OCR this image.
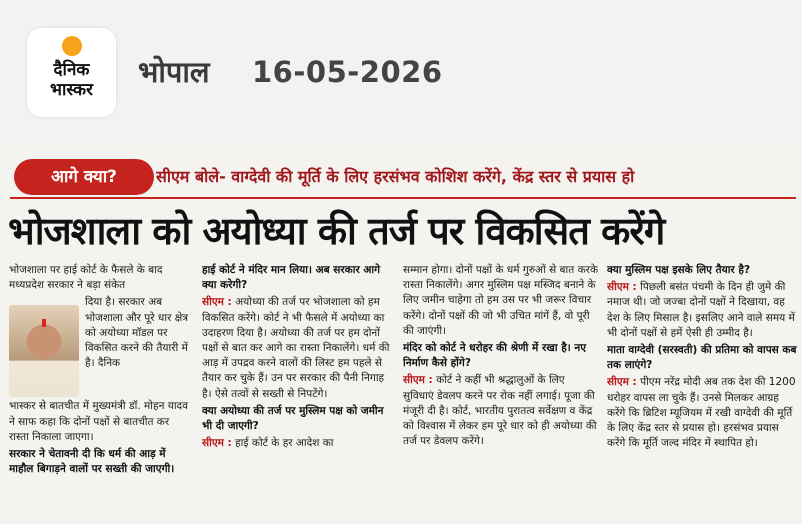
दैनिक
भास्कर
भोपाल 16-05-2026
आगे क्या?	सीएम बोले- वाग्देवी की मूर्ति के लिए हरसंभव कोशिश करेंगे, केंद्र स्तर से प्रयास हो
भोजशाला को अयोध्या की तर्ज पर विकसित करेंगे
भोजशाला पर हाई कोर्ट के फैसले के बाद मध्यप्रदेश सरकार ने बड़ा संकेत
दिया है। सरकार अब भोजशाला और पूरे धार क्षेत्र को अयोध्या मॉडल पर विकसित करने की तैयारी में है। दैनिक
भास्कर से बातचीत में मुख्यमंत्री डॉ. मोहन यादव ने साफ कहा कि दोनों पक्षों से बातचीत कर रास्ता निकाला जाएगा।
सरकार ने चेतावनी दी कि धर्म की आड़ में माहौल बिगाड़ने वालों पर सख्ती की जाएगी।
हाई कोर्ट ने मंदिर मान लिया। अब सरकार आगे क्या करेगी?
सीएम : अयोध्या की तर्ज पर भोजशाला को हम विकसित करेंगे। कोर्ट ने भी फैसले में अयोध्या का उदाहरण दिया है। अयोध्या की तर्ज पर हम दोनों पक्षों से बात कर आगे का रास्ता निकालेंगे। धर्म की आड़ में उपद्रव करने वालों की लिस्ट हम पहले से तैयार कर चुके हैं। उन पर सरकार की पैनी निगाह है। ऐसे तत्वों से सख्ती से निपटेंगे।
क्या अयोध्या की तर्ज पर मुस्लिम पक्ष को जमीन भी दी जाएगी?
सीएम : हाई कोर्ट के हर आदेश का
सम्मान होगा। दोनों पक्षों के धर्म गुरुओं से बात करके रास्ता निकालेंगे। अगर मुस्लिम पक्ष मस्जिद बनाने के लिए जमीन चाहेगा तो हम उस पर भी जरूर विचार करेंगे। दोनों पक्षों की जो भी उचित मांगें हैं, वो पूरी की जाएंगी।
मंदिर को कोर्ट ने धरोहर की श्रेणी में रखा है। नए निर्माण कैसे होंगे?
सीएम : कोर्ट ने कहीं भी श्रद्धालुओं के लिए सुविधाएं डेवलप करने पर रोक नहीं लगाई। पूजा की मंजूरी दी है। कोर्ट, भारतीय पुरातत्व सर्वेक्षण व केंद्र को विश्वास में लेकर हम पूरे धार को ही अयोध्या की तर्ज पर डेवलप करेंगे।
क्या मुस्लिम पक्ष इसके लिए तैयार है?
सीएम : पिछली बसंत पंचमी के दिन ही जुमे की नमाज थी। जो जज्बा दोनों पक्षों ने दिखाया, वह देश के लिए मिसाल है। इसलिए आने वाले समय में भी दोनों पक्षों से हमें ऐसी ही उम्मीद है।
माता वाग्देवी (सरस्वती) की प्रतिमा को वापस कब तक लाएंगे?
सीएम : पीएम नरेंद्र मोदी अब तक देश की 1200 धरोहर वापस ला चुके हैं। उनसे मिलकर आग्रह करेंगे कि ब्रिटिश म्यूजियम में रखी वाग्देवी की मूर्ति के लिए केंद्र स्तर से प्रयास हो। हरसंभव प्रयास करेंगे कि मूर्ति जल्द मंदिर में स्थापित हो।
